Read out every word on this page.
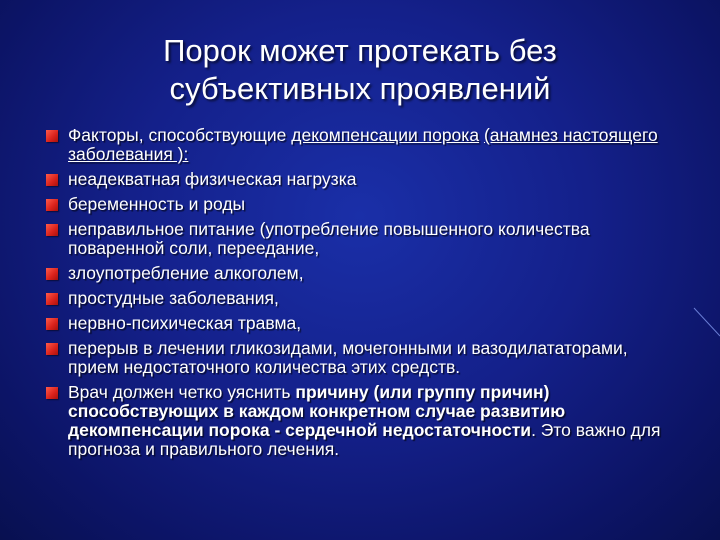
Порок может протекать без
субъективных проявлений
Факторы, способствующие декомпенсации порока (анамнез настоящего заболевания ):
неадекватная физическая нагрузка
беременность и роды
неправильное питание (употребление повышенного количества поваренной соли, переедание,
злоупотребление алкоголем,
простудные заболевания,
нервно-психическая травма,
перерыв в лечении гликозидами, мочегонными и вазодилататорами, прием недостаточного количества этих средств.
Врач должен четко уяснить причину (или группу причин) способствующих в каждом конкретном случае развитию декомпенсации порока - сердечной недостаточности. Это важно для прогноза и правильного лечения.
